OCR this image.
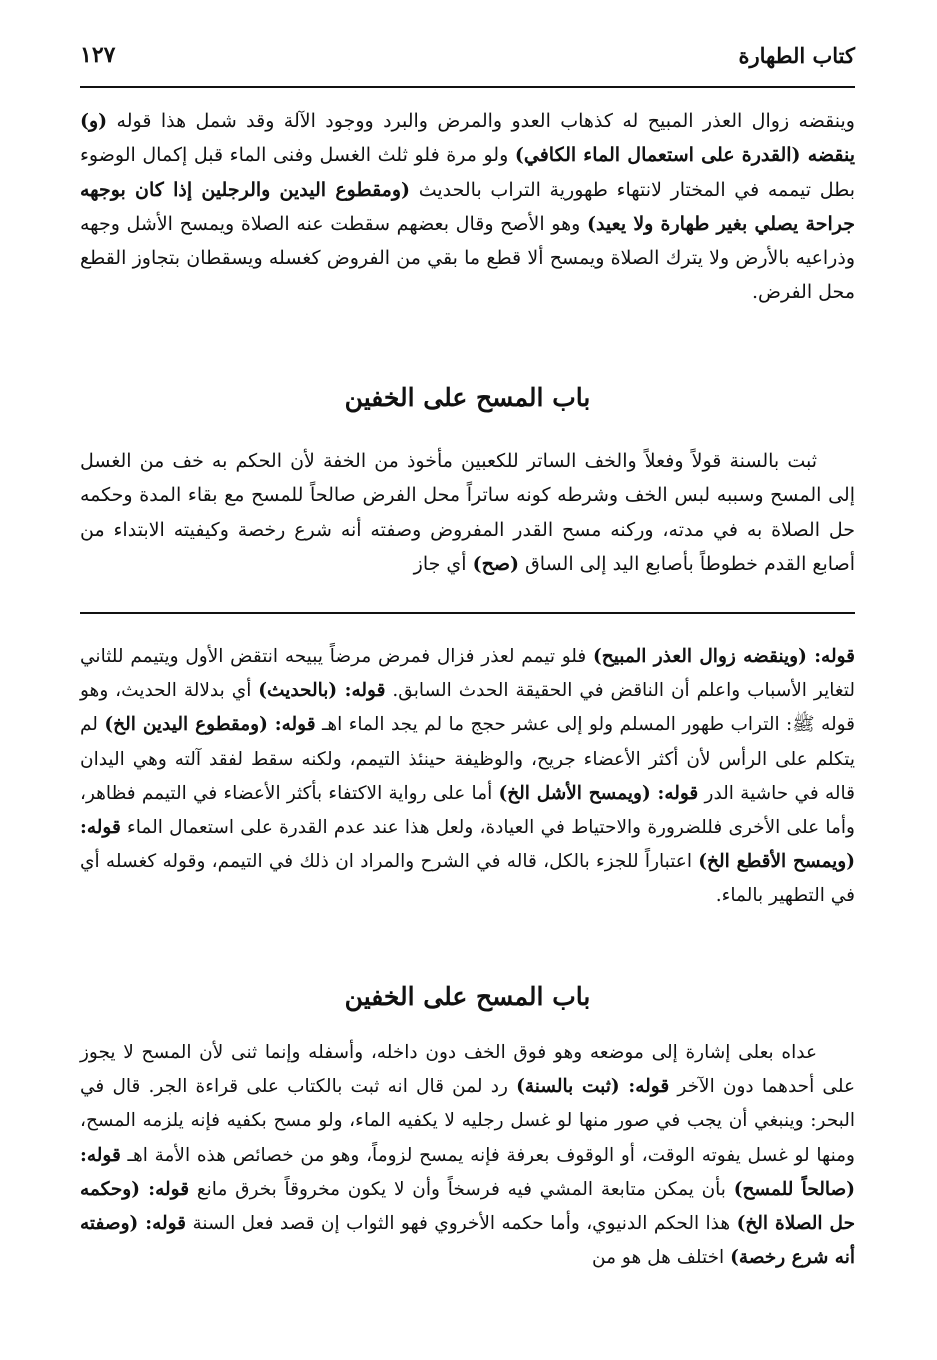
كتاب الطهارة
١٢٧

وينقضه زوال العذر المبيح له كذهاب العدو والمرض والبرد ووجود الآلة وقد شمل هذا قوله (و) ينقضه (القدرة على استعمال الماء الكافي) ولو مرة فلو ثلث الغسل وفنى الماء قبل إكمال الوضوء بطل تيممه في المختار لانتهاء طهورية التراب بالحديث (ومقطوع اليدين والرجلين إذا كان بوجهه جراحة يصلي بغير طهارة ولا يعيد) وهو الأصح وقال بعضهم سقطت عنه الصلاة ويمسح الأشل وجهه وذراعيه بالأرض ولا يترك الصلاة ويمسح ألا قطع ما بقي من الفروض كغسله ويسقطان بتجاوز القطع محل الفرض.

باب المسح على الخفين

ثبت بالسنة قولاً وفعلاً والخف الساتر للكعبين مأخوذ من الخفة لأن الحكم به خف من الغسل إلى المسح وسببه لبس الخف وشرطه كونه ساتراً محل الفرض صالحاً للمسح مع بقاء المدة وحكمه حل الصلاة به في مدته، وركنه مسح القدر المفروض وصفته أنه شرع رخصة وكيفيته الابتداء من أصابع القدم خطوطاً بأصابع اليد إلى الساق (صح) أي جاز

قوله: (وينقضه زوال العذر المبيح) فلو تيمم لعذر فزال فمرض مرضاً يبيحه انتقض الأول ويتيمم للثاني لتغاير الأسباب واعلم أن الناقض في الحقيقة الحدث السابق. قوله: (بالحديث) أي بدلالة الحديث، وهو قوله ﷺ: التراب طهور المسلم ولو إلى عشر حجج ما لم يجد الماء اهـ قوله: (ومقطوع اليدين الخ) لم يتكلم على الرأس لأن أكثر الأعضاء جريح، والوظيفة حينئذ التيمم، ولكنه سقط لفقد آلته وهي اليدان قاله في حاشية الدر قوله: (ويمسح الأشل الخ) أما على رواية الاكتفاء بأكثر الأعضاء في التيمم فظاهر، وأما على الأخرى فللضرورة والاحتياط في العيادة، ولعل هذا عند عدم القدرة على استعمال الماء قوله: (ويمسح الأقطع الخ) اعتباراً للجزء بالكل، قاله في الشرح والمراد ان ذلك في التيمم، وقوله كغسله أي في التطهير بالماء.

باب المسح على الخفين

عداه بعلى إشارة إلى موضعه وهو فوق الخف دون داخله، وأسفله وإنما ثنى لأن المسح لا يجوز على أحدهما دون الآخر قوله: (ثبت بالسنة) رد لمن قال انه ثبت بالكتاب على قراءة الجر. قال في البحر: وينبغي أن يجب في صور منها لو غسل رجليه لا يكفيه الماء، ولو مسح بكفيه فإنه يلزمه المسح، ومنها لو غسل يفوته الوقت، أو الوقوف بعرفة فإنه يمسح لزوماً، وهو من خصائص هذه الأمة اهـ قوله: (صالحاً للمسح) بأن يمكن متابعة المشي فيه فرسخاً وأن لا يكون مخروقاً بخرق مانع قوله: (وحكمه حل الصلاة الخ) هذا الحكم الدنيوي، وأما حكمه الأخروي فهو الثواب إن قصد فعل السنة قوله: (وصفته أنه شرع رخصة) اختلف هل هو من
